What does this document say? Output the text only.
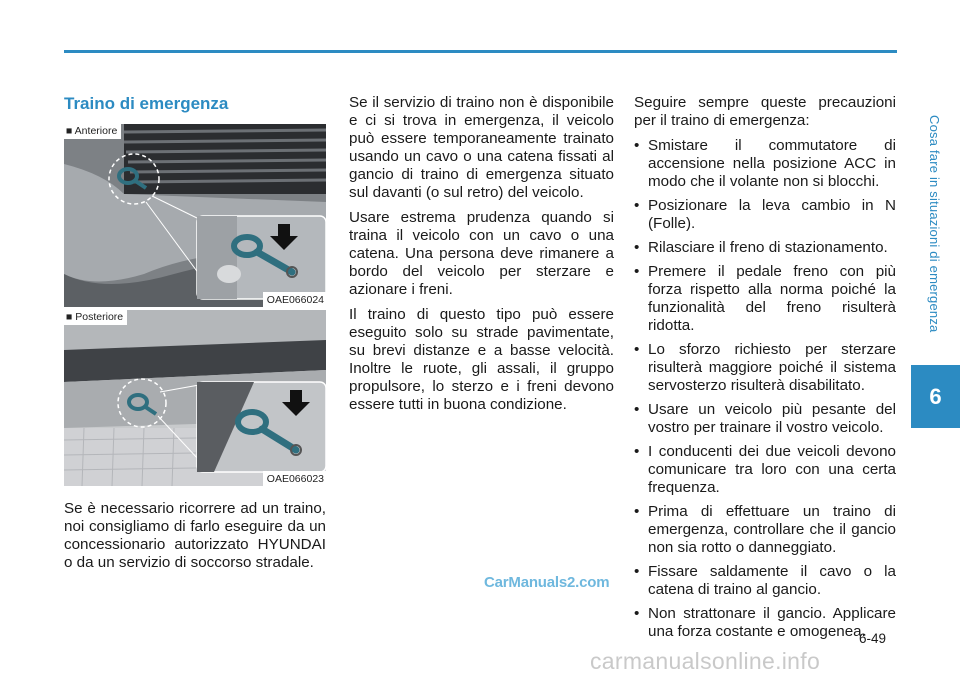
Cosa fare in situazioni di emergenza
6
Traino di emergenza
■ Anteriore
OAE066024
■ Posteriore
OAE066023

Se è necessario ricorrere ad un traino, noi consigliamo di farlo eseguire da un concessionario autorizzato HYUNDAI o da un servizio di soccorso stradale.

Se il servizio di traino non è disponibile e ci si trova in emergenza, il veicolo può essere temporaneamente trainato usando un cavo o una catena fissati al gancio di traino di emergenza situato sul davanti (o sul retro) del veicolo.

Usare estrema prudenza quando si traina il veicolo con un cavo o una catena. Una persona deve rimanere a bordo del veicolo per sterzare e azionare i freni.

Il traino di questo tipo può essere eseguito solo su strade pavimentate, su brevi distanze e a basse velocità. Inoltre le ruote, gli assali, il gruppo propulsore, lo sterzo e i freni devono essere tutti in buona condizione.

Seguire sempre queste precauzioni per il traino di emergenza:

• Smistare il commutatore di accensione nella posizione ACC in modo che il volante non si blocchi.
• Posizionare la leva cambio in N (Folle).
• Rilasciare il freno di stazionamento.
• Premere il pedale freno con più forza rispetto alla norma poiché la funzionalità del freno risulterà ridotta.
• Lo sforzo richiesto per sterzare risulterà maggiore poiché il sistema servosterzo risulterà disabilitato.
• Usare un veicolo più pesante del vostro per trainare il vostro veicolo.
• I conducenti dei due veicoli devono comunicare tra loro con una certa frequenza.
• Prima di effettuare un traino di emergenza, controllare che il gancio non sia rotto o danneggiato.
• Fissare saldamente il cavo o la catena di traino al gancio.
• Non strattonare il gancio. Applicare una forza costante e omogenea.
CarManuals2.com
6-49
carmanualsonline.info
